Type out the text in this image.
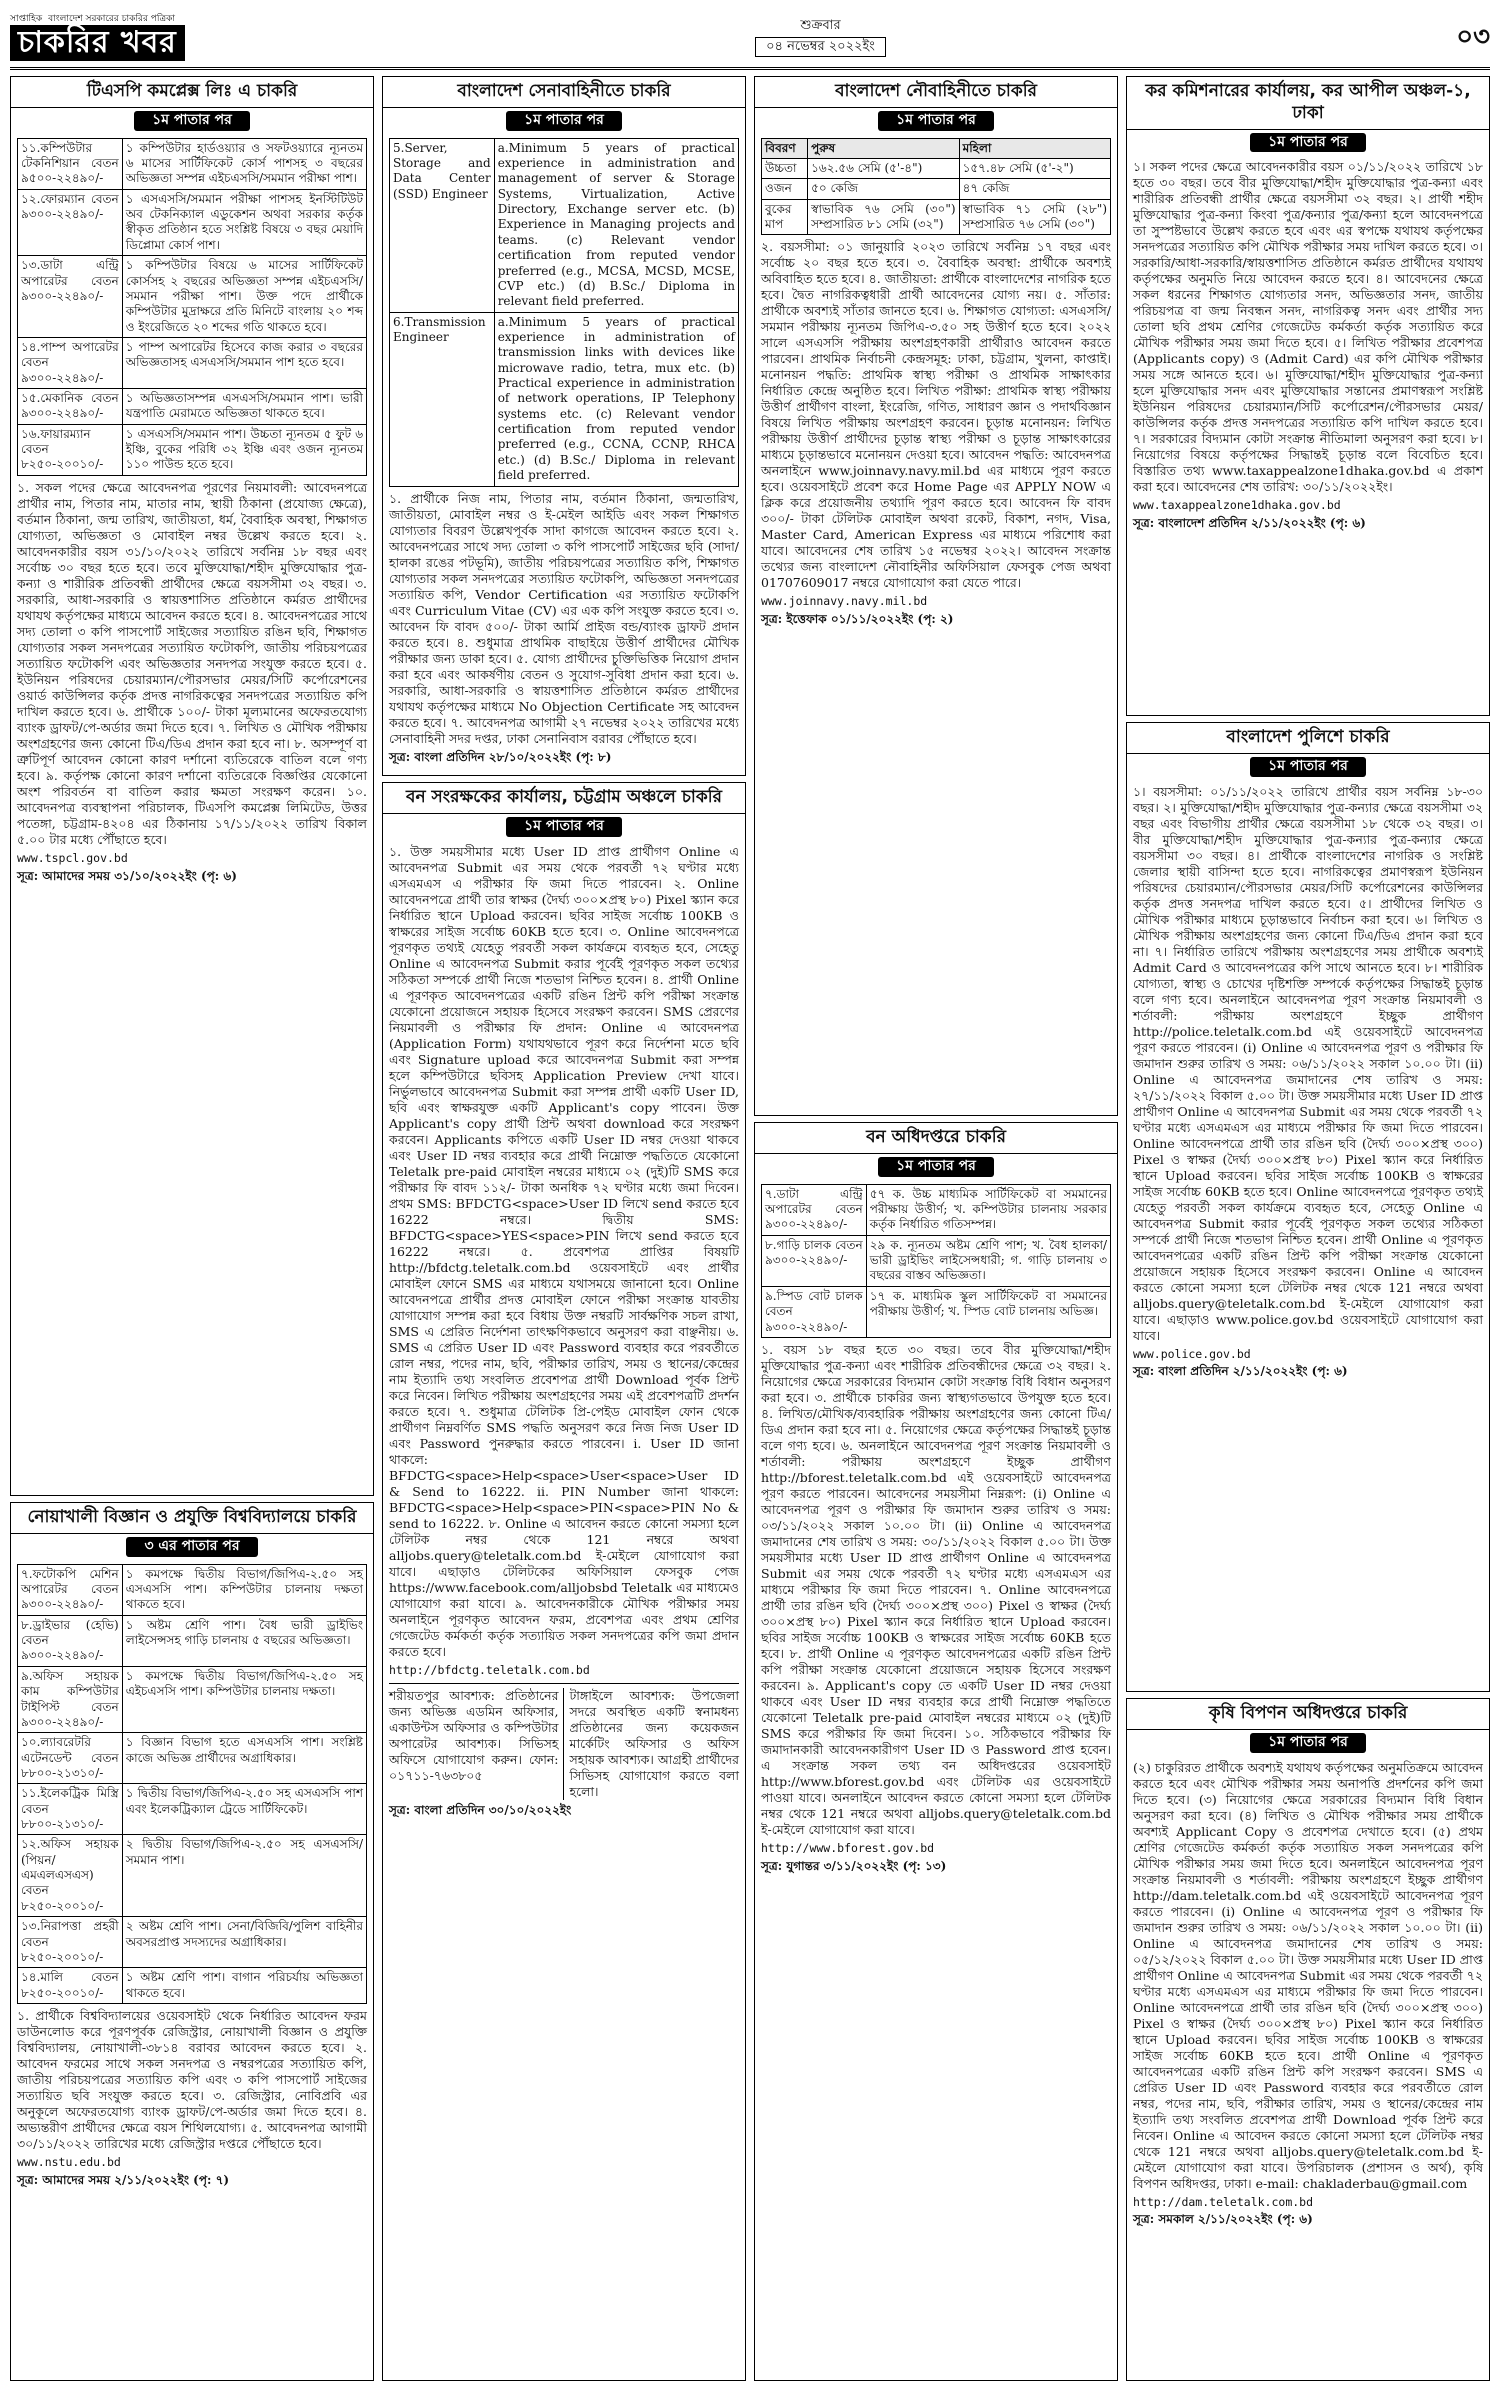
সাপ্তাহিক বাংলাদেশ সরকারের চাকরির পত্রিকা
চাকরির খবর	শুক্রবার
০৪ নভেম্বর ২০২২ইং	০৩
টিএসপি কমপ্লেক্স লিঃ এ চাকরি
১ম পাতার পর
১১.কম্পিউটার টেকনিশিয়ান বেতন ৯৫০০-২২৪৯০/-	১ কম্পিউটার হার্ডওয়্যার ও সফটওয়্যারে ন্যূনতম ৬ মাসের সার্টিফিকেট কোর্স পাশসহ ৩ বছরের অভিজ্ঞতা সম্পন্ন এইচএসসি/সমমান পরীক্ষা পাশ।
১২.ফোরম্যান বেতন ৯৩০০-২২৪৯০/-	১ এসএসসি/সমমান পরীক্ষা পাশসহ ইনস্টিটিউট অব টেকনিক্যাল এডুকেশন অথবা সরকার কর্তৃক স্বীকৃত প্রতিষ্ঠান হতে সংশ্লিষ্ট বিষয়ে ৩ বছর মেয়াদি ডিপ্লোমা কোর্স পাশ।
১৩.ডাটা এন্ট্রি অপারেটর বেতন ৯৩০০-২২৪৯০/-	১ কম্পিউটার বিষয়ে ৬ মাসের সার্টিফিকেট কোর্সসহ ২ বছরের অভিজ্ঞতা সম্পন্ন এইচএসসি/সমমান পরীক্ষা পাশ। উক্ত পদে প্রার্থীকে কম্পিউটার মুদ্রাক্ষরে প্রতি মিনিটে বাংলায় ২০ শব্দ ও ইংরেজিতে ২০ শব্দের গতি থাকতে হবে।
১৪.পাম্প অপারেটর বেতন ৯৩০০-২২৪৯০/-	১ পাম্প অপারেটর হিসেবে কাজ করার ৩ বছরের অভিজ্ঞতাসহ এসএসসি/সমমান পাশ হতে হবে।
১৫.মেকানিক বেতন ৯৩০০-২২৪৯০/-	১ অভিজ্ঞতাসম্পন্ন এসএসসি/সমমান পাশ। ভারী যন্ত্রপাতি মেরামতে অভিজ্ঞতা থাকতে হবে।
১৬.ফায়ারম্যান বেতন ৮২৫০-২০০১০/-	১ এসএসসি/সমমান পাশ। উচ্চতা ন্যূনতম ৫ ফুট ৬ ইঞ্চি, বুকের পরিধি ৩২ ইঞ্চি এবং ওজন ন্যূনতম ১১০ পাউন্ড হতে হবে।

১. সকল পদের ক্ষেত্রে আবেদনপত্র পূরণের নিয়মাবলী: আবেদনপত্রে প্রার্থীর নাম, পিতার নাম, মাতার নাম, স্থায়ী ঠিকানা (প্রযোজ্য ক্ষেত্রে), বর্তমান ঠিকানা, জন্ম তারিখ, জাতীয়তা, ধর্ম, বৈবাহিক অবস্থা, শিক্ষাগত যোগ্যতা, অভিজ্ঞতা ও মোবাইল নম্বর উল্লেখ করতে হবে। ২. আবেদনকারীর বয়স ৩১/১০/২০২২ তারিখে সর্বনিম্ন ১৮ বছর এবং সর্বোচ্চ ৩০ বছর হতে হবে। তবে মুক্তিযোদ্ধা/শহীদ মুক্তিযোদ্ধার পুত্র-কন্যা ও শারীরিক প্রতিবন্ধী প্রার্থীদের ক্ষেত্রে বয়সসীমা ৩২ বছর। ৩. সরকারি, আধা-সরকারি ও স্বায়ত্তশাসিত প্রতিষ্ঠানে কর্মরত প্রার্থীদের যথাযথ কর্তৃপক্ষের মাধ্যমে আবেদন করতে হবে। ৪. আবেদনপত্রের সাথে সদ্য তোলা ৩ কপি পাসপোর্ট সাইজের সত্যায়িত রঙিন ছবি, শিক্ষাগত যোগ্যতার সকল সনদপত্রের সত্যায়িত ফটোকপি, জাতীয় পরিচয়পত্রের সত্যায়িত ফটোকপি এবং অভিজ্ঞতার সনদপত্র সংযুক্ত করতে হবে। ৫. ইউনিয়ন পরিষদের চেয়ারম্যান/পৌরসভার মেয়র/সিটি কর্পোরেশনের ওয়ার্ড কাউন্সিলর কর্তৃক প্রদত্ত নাগরিকত্বের সনদপত্রের সত্যায়িত কপি দাখিল করতে হবে। ৬. প্রার্থীকে ১০০/- টাকা মূল্যমানের অফেরতযোগ্য ব্যাংক ড্রাফট/পে-অর্ডার জমা দিতে হবে। ৭. লিখিত ও মৌখিক পরীক্ষায় অংশগ্রহণের জন্য কোনো টিএ/ডিএ প্রদান করা হবে না। ৮. অসম্পূর্ণ বা ত্রুটিপূর্ণ আবেদন কোনো কারণ দর্শানো ব্যতিরেকে বাতিল বলে গণ্য হবে। ৯. কর্তৃপক্ষ কোনো কারণ দর্শানো ব্যতিরেকে বিজ্ঞপ্তির যেকোনো অংশ পরিবর্তন বা বাতিল করার ক্ষমতা সংরক্ষণ করেন। ১০. আবেদনপত্র ব্যবস্থাপনা পরিচালক, টিএসপি কমপ্লেক্স লিমিটেড, উত্তর পতেঙ্গা, চট্টগ্রাম-৪২০৪ এর ঠিকানায় ১৭/১১/২০২২ তারিখ বিকাল ৫.০০ টার মধ্যে পৌঁছাতে হবে।

www.tspcl.gov.bd

সূত্র: আমাদের সময় ৩১/১০/২০২২ইং (পৃ: ৬)

নোয়াখালী বিজ্ঞান ও প্রযুক্তি বিশ্ববিদ্যালয়ে চাকরি
৩ এর পাতার পর
৭.ফটোকপি মেশিন অপারেটর বেতন ৯৩০০-২২৪৯০/-	১ কমপক্ষে দ্বিতীয় বিভাগ/জিপিএ-২.৫০ সহ এসএসসি পাশ। কম্পিউটার চালনায় দক্ষতা থাকতে হবে।
৮.ড্রাইভার (হেভি) বেতন ৯৩০০-২২৪৯০/-	১ অষ্টম শ্রেণি পাশ। বৈধ ভারী ড্রাইভিং লাইসেন্সসহ গাড়ি চালনায় ৫ বছরের অভিজ্ঞতা।
৯.অফিস সহায়ক কাম কম্পিউটার টাইপিস্ট বেতন ৯৩০০-২২৪৯০/-	১ কমপক্ষে দ্বিতীয় বিভাগ/জিপিএ-২.৫০ সহ এইচএসসি পাশ। কম্পিউটার চালনায় দক্ষতা।
১০.ল্যাবরেটরি এটেনডেন্ট বেতন ৮৮০০-২১৩১০/-	১ বিজ্ঞান বিভাগ হতে এসএসসি পাশ। সংশ্লিষ্ট কাজে অভিজ্ঞ প্রার্থীদের অগ্রাধিকার।
১১.ইলেকট্রিক মিস্ত্রি বেতন ৮৮০০-২১৩১০/-	১ দ্বিতীয় বিভাগ/জিপিএ-২.৫০ সহ এসএসসি পাশ এবং ইলেকট্রিক্যাল ট্রেডে সার্টিফিকেট।
১২.অফিস সহায়ক (পিয়ন/ এমএলএসএস) বেতন ৮২৫০-২০০১০/-	২ দ্বিতীয় বিভাগ/জিপিএ-২.৫০ সহ এসএসসি/সমমান পাশ।
১৩.নিরাপত্তা প্রহরী বেতন ৮২৫০-২০০১০/-	২ অষ্টম শ্রেণি পাশ। সেনা/বিজিবি/পুলিশ বাহিনীর অবসরপ্রাপ্ত সদস্যদের অগ্রাধিকার।
১৪.মালি বেতন ৮২৫০-২০০১০/-	১ অষ্টম শ্রেণি পাশ। বাগান পরিচর্যায় অভিজ্ঞতা থাকতে হবে।

১. প্রার্থীকে বিশ্ববিদ্যালয়ের ওয়েবসাইট থেকে নির্ধারিত আবেদন ফরম ডাউনলোড করে পূরণপূর্বক রেজিস্ট্রার, নোয়াখালী বিজ্ঞান ও প্রযুক্তি বিশ্ববিদ্যালয়, নোয়াখালী-৩৮১৪ বরাবর আবেদন করতে হবে। ২. আবেদন ফরমের সাথে সকল সনদপত্র ও নম্বরপত্রের সত্যায়িত কপি, জাতীয় পরিচয়পত্রের সত্যায়িত কপি এবং ৩ কপি পাসপোর্ট সাইজের সত্যায়িত ছবি সংযুক্ত করতে হবে। ৩. রেজিস্ট্রার, নোবিপ্রবি এর অনুকূলে অফেরতযোগ্য ব্যাংক ড্রাফট/পে-অর্ডার জমা দিতে হবে। ৪. অভ্যন্তরীণ প্রার্থীদের ক্ষেত্রে বয়স শিথিলযোগ্য। ৫. আবেদনপত্র আগামী ৩০/১১/২০২২ তারিখের মধ্যে রেজিস্ট্রার দপ্তরে পৌঁছাতে হবে।

www.nstu.edu.bd

সূত্র: আমাদের সময় ২/১১/২০২২ইং (পৃ: ৭)

বাংলাদেশ সেনাবাহিনীতে চাকরি
১ম পাতার পর
5.Server, Storage and Data Center (SSD) Engineer	a.Minimum 5 years of practical experience in administration and management of server & Storage Systems, Virtualization, Active Directory, Exchange server etc. (b) Experience in Managing projects and teams. (c) Relevant vendor certification from reputed vendor preferred (e.g., MCSA, MCSD, MCSE, CVP etc.) (d) B.Sc./ Diploma in relevant field preferred.
6.Transmission Engineer	a.Minimum 5 years of practical experience in administration of transmission links with devices like microwave radio, tetra, mux etc. (b) Practical experience in administration of network operations, IP Telephony systems etc. (c) Relevant vendor certification from reputed vendor preferred (e.g., CCNA, CCNP, RHCA etc.) (d) B.Sc./ Diploma in relevant field preferred.

১. প্রার্থীকে নিজ নাম, পিতার নাম, বর্তমান ঠিকানা, জন্মতারিখ, জাতীয়তা, মোবাইল নম্বর ও ই-মেইল আইডি এবং সকল শিক্ষাগত যোগ্যতার বিবরণ উল্লেখপূর্বক সাদা কাগজে আবেদন করতে হবে। ২. আবেদনপত্রের সাথে সদ্য তোলা ৩ কপি পাসপোর্ট সাইজের ছবি (সাদা/হালকা রঙের পটভূমি), জাতীয় পরিচয়পত্রের সত্যায়িত কপি, শিক্ষাগত যোগ্যতার সকল সনদপত্রের সত্যায়িত ফটোকপি, অভিজ্ঞতা সনদপত্রের সত্যায়িত কপি, Vendor Certification এর সত্যায়িত ফটোকপি এবং Curriculum Vitae (CV) এর এক কপি সংযুক্ত করতে হবে। ৩. আবেদন ফি বাবদ ৫০০/- টাকা আর্মি প্রাইজ বন্ড/ব্যাংক ড্রাফট প্রদান করতে হবে। ৪. শুধুমাত্র প্রাথমিক বাছাইয়ে উত্তীর্ণ প্রার্থীদের মৌখিক পরীক্ষার জন্য ডাকা হবে। ৫. যোগ্য প্রার্থীদের চুক্তিভিত্তিক নিয়োগ প্রদান করা হবে এবং আকর্ষণীয় বেতন ও সুযোগ-সুবিধা প্রদান করা হবে। ৬. সরকারি, আধা-সরকারি ও স্বায়ত্তশাসিত প্রতিষ্ঠানে কর্মরত প্রার্থীদের যথাযথ কর্তৃপক্ষের মাধ্যমে No Objection Certificate সহ আবেদন করতে হবে। ৭. আবেদনপত্র আগামী ২৭ নভেম্বর ২০২২ তারিখের মধ্যে সেনাবাহিনী সদর দপ্তর, ঢাকা সেনানিবাস বরাবর পৌঁছাতে হবে।

সূত্র: বাংলা প্রতিদিন ২৮/১০/২০২২ইং (পৃ: ৮)

বন সংরক্ষকের কার্যালয়, চট্টগ্রাম অঞ্চলে চাকরি
১ম পাতার পর

১. উক্ত সময়সীমার মধ্যে User ID প্রাপ্ত প্রার্থীগণ Online এ আবেদনপত্র Submit এর সময় থেকে পরবর্তী ৭২ ঘণ্টার মধ্যে এসএমএস এ পরীক্ষার ফি জমা দিতে পারবেন। ২. Online আবেদনপত্রে প্রার্থী তার স্বাক্ষর (দৈর্ঘ্য ৩০০×প্রস্থ ৮০) Pixel স্ক্যান করে নির্ধারিত স্থানে Upload করবেন। ছবির সাইজ সর্বোচ্চ 100KB ও স্বাক্ষরের সাইজ সর্বোচ্চ 60KB হতে হবে। ৩. Online আবেদনপত্রে পূরণকৃত তথ্যই যেহেতু পরবর্তী সকল কার্যক্রমে ব্যবহৃত হবে, সেহেতু Online এ আবেদনপত্র Submit করার পূর্বেই পূরণকৃত সকল তথ্যের সঠিকতা সম্পর্কে প্রার্থী নিজে শতভাগ নিশ্চিত হবেন। ৪. প্রার্থী Online এ পূরণকৃত আবেদনপত্রের একটি রঙিন প্রিন্ট কপি পরীক্ষা সংক্রান্ত যেকোনো প্রয়োজনে সহায়ক হিসেবে সংরক্ষণ করবেন। SMS প্রেরণের নিয়মাবলী ও পরীক্ষার ফি প্রদান: Online এ আবেদনপত্র (Application Form) যথাযথভাবে পূরণ করে নির্দেশনা মতে ছবি এবং Signature upload করে আবেদনপত্র Submit করা সম্পন্ন হলে কম্পিউটারে ছবিসহ Application Preview দেখা যাবে। নির্ভুলভাবে আবেদনপত্র Submit করা সম্পন্ন প্রার্থী একটি User ID, ছবি এবং স্বাক্ষরযুক্ত একটি Applicant's copy পাবেন। উক্ত Applicant's copy প্রার্থী প্রিন্ট অথবা download করে সংরক্ষণ করবেন। Applicants কপিতে একটি User ID নম্বর দেওয়া থাকবে এবং User ID নম্বর ব্যবহার করে প্রার্থী নিম্নোক্ত পদ্ধতিতে যেকোনো Teletalk pre-paid মোবাইল নম্বরের মাধ্যমে ০২ (দুই)টি SMS করে পরীক্ষার ফি বাবদ ১১২/- টাকা অনধিক ৭২ ঘণ্টার মধ্যে জমা দিবেন। প্রথম SMS: BFDCTG<space>User ID লিখে send করতে হবে 16222 নম্বরে। দ্বিতীয় SMS: BFDCTG<space>YES<space>PIN লিখে send করতে হবে 16222 নম্বরে। ৫. প্রবেশপত্র প্রাপ্তির বিষয়টি http://bfdctg.teletalk.com.bd ওয়েবসাইটে এবং প্রার্থীর মোবাইল ফোনে SMS এর মাধ্যমে যথাসময়ে জানানো হবে। Online আবেদনপত্রে প্রার্থীর প্রদত্ত মোবাইল ফোনে পরীক্ষা সংক্রান্ত যাবতীয় যোগাযোগ সম্পন্ন করা হবে বিধায় উক্ত নম্বরটি সার্বক্ষণিক সচল রাখা, SMS এ প্রেরিত নির্দেশনা তাৎক্ষণিকভাবে অনুসরণ করা বাঞ্ছনীয়। ৬. SMS এ প্রেরিত User ID এবং Password ব্যবহার করে পরবর্তীতে রোল নম্বর, পদের নাম, ছবি, পরীক্ষার তারিখ, সময় ও স্থানের/কেন্দ্রের নাম ইত্যাদি তথ্য সংবলিত প্রবেশপত্র প্রার্থী Download পূর্বক প্রিন্ট করে নিবেন। লিখিত পরীক্ষায় অংশগ্রহণের সময় এই প্রবেশপত্রটি প্রদর্শন করতে হবে। ৭. শুধুমাত্র টেলিটক প্রি-পেইড মোবাইল ফোন থেকে প্রার্থীগণ নিম্নবর্ণিত SMS পদ্ধতি অনুসরণ করে নিজ নিজ User ID এবং Password পুনরুদ্ধার করতে পারবেন। i. User ID জানা থাকলে: BFDCTG<space>Help<space>User<space>User ID & Send to 16222. ii. PIN Number জানা থাকলে: BFDCTG<space>Help<space>PIN<space>PIN No & send to 16222. ৮. Online এ আবেদন করতে কোনো সমস্যা হলে টেলিটক নম্বর থেকে 121 নম্বরে অথবা alljobs.query@teletalk.com.bd ই-মেইলে যোগাযোগ করা যাবে। এছাড়াও টেলিটকের অফিসিয়াল ফেসবুক পেজ https://www.facebook.com/alljobsbd Teletalk এর মাধ্যমেও যোগাযোগ করা যাবে। ৯. আবেদনকারীকে মৌখিক পরীক্ষার সময় অনলাইনে পূরণকৃত আবেদন ফরম, প্রবেশপত্র এবং প্রথম শ্রেণির গেজেটেড কর্মকর্তা কর্তৃক সত্যায়িত সকল সনদপত্রের কপি জমা প্রদান করতে হবে।

http://bfdctg.teletalk.com.bd

শরীয়তপুর আবশ্যক: প্রতিষ্ঠানের জন্য অভিজ্ঞ এডমিন অফিসার, একাউন্টস অফিসার ও কম্পিউটার অপারেটর আবশ্যক। সিভিসহ অফিসে যোগাযোগ করুন। ফোন: ০১৭১১-৭৬৩৮০৫

টাঙ্গাইলে আবশ্যক: উপজেলা সদরে অবস্থিত একটি স্বনামধন্য প্রতিষ্ঠানের জন্য কয়েকজন মার্কেটিং অফিসার ও অফিস সহায়ক আবশ্যক। আগ্রহী প্রার্থীদের সিভিসহ যোগাযোগ করতে বলা হলো।

সূত্র: বাংলা প্রতিদিন ৩০/১০/২০২২ইং

বাংলাদেশ নৌবাহিনীতে চাকরি
১ম পাতার পর
বিবরণ	পুরুষ	মহিলা
উচ্চতা	১৬২.৫৬ সেমি (৫'-৪")	১৫৭.৪৮ সেমি (৫'-২")
ওজন	৫০ কেজি	৪৭ কেজি
বুকের মাপ	স্বাভাবিক ৭৬ সেমি (৩০") সম্প্রসারিত ৮১ সেমি (৩২")	স্বাভাবিক ৭১ সেমি (২৮") সম্প্রসারিত ৭৬ সেমি (৩০")

২. বয়সসীমা: ০১ জানুয়ারি ২০২৩ তারিখে সর্বনিম্ন ১৭ বছর এবং সর্বোচ্চ ২০ বছর হতে হবে। ৩. বৈবাহিক অবস্থা: প্রার্থীকে অবশ্যই অবিবাহিত হতে হবে। ৪. জাতীয়তা: প্রার্থীকে বাংলাদেশের নাগরিক হতে হবে। দ্বৈত নাগরিকত্বধারী প্রার্থী আবেদনের যোগ্য নয়। ৫. সাঁতার: প্রার্থীকে অবশ্যই সাঁতার জানতে হবে। ৬. শিক্ষাগত যোগ্যতা: এসএসসি/সমমান পরীক্ষায় ন্যূনতম জিপিএ-৩.৫০ সহ উত্তীর্ণ হতে হবে। ২০২২ সালে এসএসসি পরীক্ষায় অংশগ্রহণকারী প্রার্থীরাও আবেদন করতে পারবেন। প্রাথমিক নির্বাচনী কেন্দ্রসমূহ: ঢাকা, চট্টগ্রাম, খুলনা, কাপ্তাই। মনোনয়ন পদ্ধতি: প্রাথমিক স্বাস্থ্য পরীক্ষা ও প্রাথমিক সাক্ষাৎকার নির্ধারিত কেন্দ্রে অনুষ্ঠিত হবে। লিখিত পরীক্ষা: প্রাথমিক স্বাস্থ্য পরীক্ষায় উত্তীর্ণ প্রার্থীগণ বাংলা, ইংরেজি, গণিত, সাধারণ জ্ঞান ও পদার্থবিজ্ঞান বিষয়ে লিখিত পরীক্ষায় অংশগ্রহণ করবেন। চূড়ান্ত মনোনয়ন: লিখিত পরীক্ষায় উত্তীর্ণ প্রার্থীদের চূড়ান্ত স্বাস্থ্য পরীক্ষা ও চূড়ান্ত সাক্ষাৎকারের মাধ্যমে চূড়ান্তভাবে মনোনয়ন দেওয়া হবে। আবেদন পদ্ধতি: আবেদনপত্র অনলাইনে www.joinnavy.navy.mil.bd এর মাধ্যমে পূরণ করতে হবে। ওয়েবসাইটে প্রবেশ করে Home Page এর APPLY NOW এ ক্লিক করে প্রয়োজনীয় তথ্যাদি পূরণ করতে হবে। আবেদন ফি বাবদ ৩০০/- টাকা টেলিটক মোবাইল অথবা রকেট, বিকাশ, নগদ, Visa, Master Card, American Express এর মাধ্যমে পরিশোধ করা যাবে। আবেদনের শেষ তারিখ ১৫ নভেম্বর ২০২২। আবেদন সংক্রান্ত তথ্যের জন্য বাংলাদেশ নৌবাহিনীর অফিসিয়াল ফেসবুক পেজ অথবা 01707609017 নম্বরে যোগাযোগ করা যেতে পারে।

www.joinnavy.navy.mil.bd

সূত্র: ইত্তেফাক ০১/১১/২০২২ইং (পৃ: ২)

বন অধিদপ্তরে চাকরি
১ম পাতার পর
৭.ডাটা এন্ট্রি অপারেটর বেতন ৯৩০০-২২৪৯০/-	৫৭ ক. উচ্চ মাধ্যমিক সার্টিফিকেট বা সমমানের পরীক্ষায় উত্তীর্ণ; খ. কম্পিউটার চালনায় সরকার কর্তৃক নির্ধারিত গতিসম্পন্ন।
৮.গাড়ি চালক বেতন ৯৩০০-২২৪৯০/-	২৯ ক. ন্যূনতম অষ্টম শ্রেণি পাশ; খ. বৈধ হালকা/ভারী ড্রাইভিং লাইসেন্সধারী; গ. গাড়ি চালনায় ৩ বছরের বাস্তব অভিজ্ঞতা।
৯.স্পিড বোট চালক বেতন ৯৩০০-২২৪৯০/-	১৭ ক. মাধ্যমিক স্কুল সার্টিফিকেট বা সমমানের পরীক্ষায় উত্তীর্ণ; খ. স্পিড বোট চালনায় অভিজ্ঞ।

১. বয়স ১৮ বছর হতে ৩০ বছর। তবে বীর মুক্তিযোদ্ধা/শহীদ মুক্তিযোদ্ধার পুত্র-কন্যা এবং শারীরিক প্রতিবন্ধীদের ক্ষেত্রে ৩২ বছর। ২. নিয়োগের ক্ষেত্রে সরকারের বিদ্যমান কোটা সংক্রান্ত বিধি বিধান অনুসরণ করা হবে। ৩. প্রার্থীকে চাকরির জন্য স্বাস্থ্যগতভাবে উপযুক্ত হতে হবে। ৪. লিখিত/মৌখিক/ব্যবহারিক পরীক্ষায় অংশগ্রহণের জন্য কোনো টিএ/ডিএ প্রদান করা হবে না। ৫. নিয়োগের ক্ষেত্রে কর্তৃপক্ষের সিদ্ধান্তই চূড়ান্ত বলে গণ্য হবে। ৬. অনলাইনে আবেদনপত্র পূরণ সংক্রান্ত নিয়মাবলী ও শর্তাবলী: পরীক্ষায় অংশগ্রহণে ইচ্ছুক প্রার্থীগণ http://bforest.teletalk.com.bd এই ওয়েবসাইটে আবেদনপত্র পূরণ করতে পারবেন। আবেদনের সময়সীমা নিম্নরূপ: (i) Online এ আবেদনপত্র পূরণ ও পরীক্ষার ফি জমাদান শুরুর তারিখ ও সময়: ০৩/১১/২০২২ সকাল ১০.০০ টা। (ii) Online এ আবেদনপত্র জমাদানের শেষ তারিখ ও সময়: ৩০/১১/২০২২ বিকাল ৫.০০ টা। উক্ত সময়সীমার মধ্যে User ID প্রাপ্ত প্রার্থীগণ Online এ আবেদনপত্র Submit এর সময় থেকে পরবর্তী ৭২ ঘণ্টার মধ্যে এসএমএস এর মাধ্যমে পরীক্ষার ফি জমা দিতে পারবেন। ৭. Online আবেদনপত্রে প্রার্থী তার রঙিন ছবি (দৈর্ঘ্য ৩০০×প্রস্থ ৩০০) Pixel ও স্বাক্ষর (দৈর্ঘ্য ৩০০×প্রস্থ ৮০) Pixel স্ক্যান করে নির্ধারিত স্থানে Upload করবেন। ছবির সাইজ সর্বোচ্চ 100KB ও স্বাক্ষরের সাইজ সর্বোচ্চ 60KB হতে হবে। ৮. প্রার্থী Online এ পূরণকৃত আবেদনপত্রের একটি রঙিন প্রিন্ট কপি পরীক্ষা সংক্রান্ত যেকোনো প্রয়োজনে সহায়ক হিসেবে সংরক্ষণ করবেন। ৯. Applicant's copy তে একটি User ID নম্বর দেওয়া থাকবে এবং User ID নম্বর ব্যবহার করে প্রার্থী নিম্নোক্ত পদ্ধতিতে যেকোনো Teletalk pre-paid মোবাইল নম্বরের মাধ্যমে ০২ (দুই)টি SMS করে পরীক্ষার ফি জমা দিবেন। ১০. সঠিকভাবে পরীক্ষার ফি জমাদানকারী আবেদনকারীগণ User ID ও Password প্রাপ্ত হবেন। এ সংক্রান্ত সকল তথ্য বন অধিদপ্তরের ওয়েবসাইট http://www.bforest.gov.bd এবং টেলিটক এর ওয়েবসাইটে পাওয়া যাবে। অনলাইনে আবেদন করতে কোনো সমস্যা হলে টেলিটক নম্বর থেকে 121 নম্বরে অথবা alljobs.query@teletalk.com.bd ই-মেইলে যোগাযোগ করা যাবে।

http://www.bforest.gov.bd

সূত্র: যুগান্তর ৩/১১/২০২২ইং (পৃ: ১৩)

কর কমিশনারের কার্যালয়, কর আপীল অঞ্চল-১, ঢাকা
১ম পাতার পর

১। সকল পদের ক্ষেত্রে আবেদনকারীর বয়স ০১/১১/২০২২ তারিখে ১৮ হতে ৩০ বছর। তবে বীর মুক্তিযোদ্ধা/শহীদ মুক্তিযোদ্ধার পুত্র-কন্যা এবং শারীরিক প্রতিবন্ধী প্রার্থীর ক্ষেত্রে বয়সসীমা ৩২ বছর। ২। প্রার্থী শহীদ মুক্তিযোদ্ধার পুত্র-কন্যা কিংবা পুত্র/কন্যার পুত্র/কন্যা হলে আবেদনপত্রে তা সুস্পষ্টভাবে উল্লেখ করতে হবে এবং এর স্বপক্ষে যথাযথ কর্তৃপক্ষের সনদপত্রের সত্যায়িত কপি মৌখিক পরীক্ষার সময় দাখিল করতে হবে। ৩। সরকারি/আধা-সরকারি/স্বায়ত্তশাসিত প্রতিষ্ঠানে কর্মরত প্রার্থীদের যথাযথ কর্তৃপক্ষের অনুমতি নিয়ে আবেদন করতে হবে। ৪। আবেদনের ক্ষেত্রে সকল ধরনের শিক্ষাগত যোগ্যতার সনদ, অভিজ্ঞতার সনদ, জাতীয় পরিচয়পত্র বা জন্ম নিবন্ধন সনদ, নাগরিকত্ব সনদ এবং প্রার্থীর সদ্য তোলা ছবি প্রথম শ্রেণির গেজেটেড কর্মকর্তা কর্তৃক সত্যায়িত করে মৌখিক পরীক্ষার সময় জমা দিতে হবে। ৫। লিখিত পরীক্ষার প্রবেশপত্র (Applicants copy) ও (Admit Card) এর কপি মৌখিক পরীক্ষার সময় সঙ্গে আনতে হবে। ৬। মুক্তিযোদ্ধা/শহীদ মুক্তিযোদ্ধার পুত্র-কন্যা হলে মুক্তিযোদ্ধার সনদ এবং মুক্তিযোদ্ধার সন্তানের প্রমাণস্বরূপ সংশ্লিষ্ট ইউনিয়ন পরিষদের চেয়ারম্যান/সিটি কর্পোরেশন/পৌরসভার মেয়র/কাউন্সিলর কর্তৃক প্রদত্ত সনদপত্রের সত্যায়িত কপি দাখিল করতে হবে। ৭। সরকারের বিদ্যমান কোটা সংক্রান্ত নীতিমালা অনুসরণ করা হবে। ৮। নিয়োগের বিষয়ে কর্তৃপক্ষের সিদ্ধান্তই চূড়ান্ত বলে বিবেচিত হবে। বিস্তারিত তথ্য www.taxappealzone1dhaka.gov.bd এ প্রকাশ করা হবে। আবেদনের শেষ তারিখ: ৩০/১১/২০২২ইং।

www.taxappealzone1dhaka.gov.bd

সূত্র: বাংলাদেশ প্রতিদিন ২/১১/২০২২ইং (পৃ: ৬)

বাংলাদেশ পুলিশে চাকরি
১ম পাতার পর

১। বয়সসীমা: ০১/১১/২০২২ তারিখে প্রার্থীর বয়স সর্বনিম্ন ১৮-৩০ বছর। ২। মুক্তিযোদ্ধা/শহীদ মুক্তিযোদ্ধার পুত্র-কন্যার ক্ষেত্রে বয়সসীমা ৩২ বছর এবং বিভাগীয় প্রার্থীর ক্ষেত্রে বয়সসীমা ১৮ থেকে ৩২ বছর। ৩। বীর মুক্তিযোদ্ধা/শহীদ মুক্তিযোদ্ধার পুত্র-কন্যার পুত্র-কন্যার ক্ষেত্রে বয়সসীমা ৩০ বছর। ৪। প্রার্থীকে বাংলাদেশের নাগরিক ও সংশ্লিষ্ট জেলার স্থায়ী বাসিন্দা হতে হবে। নাগরিকত্বের প্রমাণস্বরূপ ইউনিয়ন পরিষদের চেয়ারম্যান/পৌরসভার মেয়র/সিটি কর্পোরেশনের কাউন্সিলর কর্তৃক প্রদত্ত সনদপত্র দাখিল করতে হবে। ৫। প্রার্থীদের লিখিত ও মৌখিক পরীক্ষার মাধ্যমে চূড়ান্তভাবে নির্বাচন করা হবে। ৬। লিখিত ও মৌখিক পরীক্ষায় অংশগ্রহণের জন্য কোনো টিএ/ডিএ প্রদান করা হবে না। ৭। নির্ধারিত তারিখে পরীক্ষায় অংশগ্রহণের সময় প্রার্থীকে অবশ্যই Admit Card ও আবেদনপত্রের কপি সাথে আনতে হবে। ৮। শারীরিক যোগ্যতা, স্বাস্থ্য ও চোখের দৃষ্টিশক্তি সম্পর্কে কর্তৃপক্ষের সিদ্ধান্তই চূড়ান্ত বলে গণ্য হবে। অনলাইনে আবেদনপত্র পূরণ সংক্রান্ত নিয়মাবলী ও শর্তাবলী: পরীক্ষায় অংশগ্রহণে ইচ্ছুক প্রার্থীগণ http://police.teletalk.com.bd এই ওয়েবসাইটে আবেদনপত্র পূরণ করতে পারবেন। (i) Online এ আবেদনপত্র পূরণ ও পরীক্ষার ফি জমাদান শুরুর তারিখ ও সময়: ০৬/১১/২০২২ সকাল ১০.০০ টা। (ii) Online এ আবেদনপত্র জমাদানের শেষ তারিখ ও সময়: ২৭/১১/২০২২ বিকাল ৫.০০ টা। উক্ত সময়সীমার মধ্যে User ID প্রাপ্ত প্রার্থীগণ Online এ আবেদনপত্র Submit এর সময় থেকে পরবর্তী ৭২ ঘণ্টার মধ্যে এসএমএস এর মাধ্যমে পরীক্ষার ফি জমা দিতে পারবেন। Online আবেদনপত্রে প্রার্থী তার রঙিন ছবি (দৈর্ঘ্য ৩০০×প্রস্থ ৩০০) Pixel ও স্বাক্ষর (দৈর্ঘ্য ৩০০×প্রস্থ ৮০) Pixel স্ক্যান করে নির্ধারিত স্থানে Upload করবেন। ছবির সাইজ সর্বোচ্চ 100KB ও স্বাক্ষরের সাইজ সর্বোচ্চ 60KB হতে হবে। Online আবেদনপত্রে পূরণকৃত তথ্যই যেহেতু পরবর্তী সকল কার্যক্রমে ব্যবহৃত হবে, সেহেতু Online এ আবেদনপত্র Submit করার পূর্বেই পূরণকৃত সকল তথ্যের সঠিকতা সম্পর্কে প্রার্থী নিজে শতভাগ নিশ্চিত হবেন। প্রার্থী Online এ পূরণকৃত আবেদনপত্রের একটি রঙিন প্রিন্ট কপি পরীক্ষা সংক্রান্ত যেকোনো প্রয়োজনে সহায়ক হিসেবে সংরক্ষণ করবেন। Online এ আবেদন করতে কোনো সমস্যা হলে টেলিটক নম্বর থেকে 121 নম্বরে অথবা alljobs.query@teletalk.com.bd ই-মেইলে যোগাযোগ করা যাবে। এছাড়াও www.police.gov.bd ওয়েবসাইটে যোগাযোগ করা যাবে।

www.police.gov.bd

সূত্র: বাংলা প্রতিদিন ২/১১/২০২২ইং (পৃ: ৬)

কৃষি বিপণন অধিদপ্তরে চাকরি
১ম পাতার পর

(২) চাকুরিরত প্রার্থীকে অবশ্যই যথাযথ কর্তৃপক্ষের অনুমতিক্রমে আবেদন করতে হবে এবং মৌখিক পরীক্ষার সময় অনাপত্তি প্রদর্শনের কপি জমা দিতে হবে। (৩) নিয়োগের ক্ষেত্রে সরকারের বিদ্যমান বিধি বিধান অনুসরণ করা হবে। (৪) লিখিত ও মৌখিক পরীক্ষার সময় প্রার্থীকে অবশ্যই Applicant Copy ও প্রবেশপত্র দেখাতে হবে। (৫) প্রথম শ্রেণির গেজেটেড কর্মকর্তা কর্তৃক সত্যায়িত সকল সনদপত্রের কপি মৌখিক পরীক্ষার সময় জমা দিতে হবে। অনলাইনে আবেদনপত্র পূরণ সংক্রান্ত নিয়মাবলী ও শর্তাবলী: পরীক্ষায় অংশগ্রহণে ইচ্ছুক প্রার্থীগণ http://dam.teletalk.com.bd এই ওয়েবসাইটে আবেদনপত্র পূরণ করতে পারবেন। (i) Online এ আবেদনপত্র পূরণ ও পরীক্ষার ফি জমাদান শুরুর তারিখ ও সময়: ০৬/১১/২০২২ সকাল ১০.০০ টা। (ii) Online এ আবেদনপত্র জমাদানের শেষ তারিখ ও সময়: ০৫/১২/২০২২ বিকাল ৫.০০ টা। উক্ত সময়সীমার মধ্যে User ID প্রাপ্ত প্রার্থীগণ Online এ আবেদনপত্র Submit এর সময় থেকে পরবর্তী ৭২ ঘণ্টার মধ্যে এসএমএস এর মাধ্যমে পরীক্ষার ফি জমা দিতে পারবেন। Online আবেদনপত্রে প্রার্থী তার রঙিন ছবি (দৈর্ঘ্য ৩০০×প্রস্থ ৩০০) Pixel ও স্বাক্ষর (দৈর্ঘ্য ৩০০×প্রস্থ ৮০) Pixel স্ক্যান করে নির্ধারিত স্থানে Upload করবেন। ছবির সাইজ সর্বোচ্চ 100KB ও স্বাক্ষরের সাইজ সর্বোচ্চ 60KB হতে হবে। প্রার্থী Online এ পূরণকৃত আবেদনপত্রের একটি রঙিন প্রিন্ট কপি সংরক্ষণ করবেন। SMS এ প্রেরিত User ID এবং Password ব্যবহার করে পরবর্তীতে রোল নম্বর, পদের নাম, ছবি, পরীক্ষার তারিখ, সময় ও স্থানের/কেন্দ্রের নাম ইত্যাদি তথ্য সংবলিত প্রবেশপত্র প্রার্থী Download পূর্বক প্রিন্ট করে নিবেন। Online এ আবেদন করতে কোনো সমস্যা হলে টেলিটক নম্বর থেকে 121 নম্বরে অথবা alljobs.query@teletalk.com.bd ই-মেইলে যোগাযোগ করা যাবে। উপরিচালক (প্রশাসন ও অর্থ), কৃষি বিপণন অধিদপ্তর, ঢাকা। e-mail: chakladerbau@gmail.com

http://dam.teletalk.com.bd

সূত্র: সমকাল ২/১১/২০২২ইং (পৃ: ৬)
